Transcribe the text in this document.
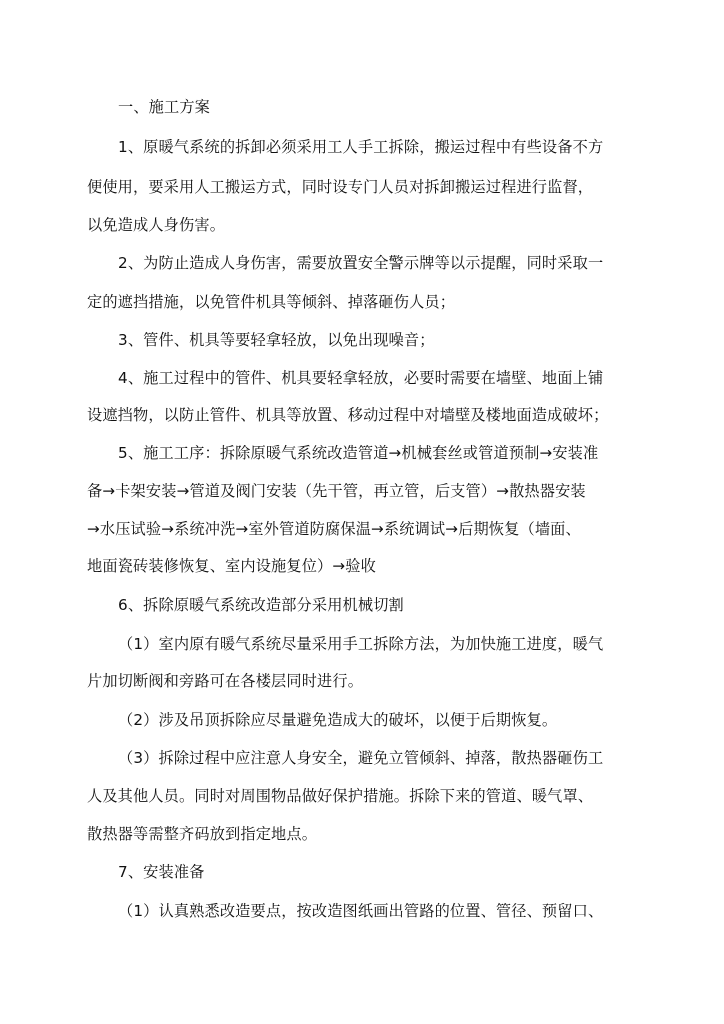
一、施工方案
1、原暖气系统的拆卸必须采用工人手工拆除，搬运过程中有些设备不方
便使用，要采用人工搬运方式，同时设专门人员对拆卸搬运过程进行监督，
以免造成人身伤害。
2、为防止造成人身伤害，需要放置安全警示牌等以示提醒，同时采取一
定的遮挡措施，以免管件机具等倾斜、掉落砸伤人员；
3、管件、机具等要轻拿轻放，以免出现噪音；
4、施工过程中的管件、机具要轻拿轻放，必要时需要在墙壁、地面上铺
设遮挡物，以防止管件、机具等放置、移动过程中对墙壁及楼地面造成破坏；
5、施工工序：拆除原暖气系统改造管道→机械套丝或管道预制→安装准
备→卡架安装→管道及阀门安装（先干管，再立管，后支管）→散热器安装
→水压试验→系统冲洗→室外管道防腐保温→系统调试→后期恢复（墙面、
地面瓷砖装修恢复、室内设施复位）→验收
6、拆除原暖气系统改造部分采用机械切割
（1）室内原有暖气系统尽量采用手工拆除方法，为加快施工进度，暖气
片加切断阀和旁路可在各楼层同时进行。
（2）涉及吊顶拆除应尽量避免造成大的破坏，以便于后期恢复。
（3）拆除过程中应注意人身安全，避免立管倾斜、掉落，散热器砸伤工
人及其他人员。同时对周围物品做好保护措施。拆除下来的管道、暖气罩、
散热器等需整齐码放到指定地点。
7、安装准备
（1）认真熟悉改造要点，按改造图纸画出管路的位置、管径、预留口、
